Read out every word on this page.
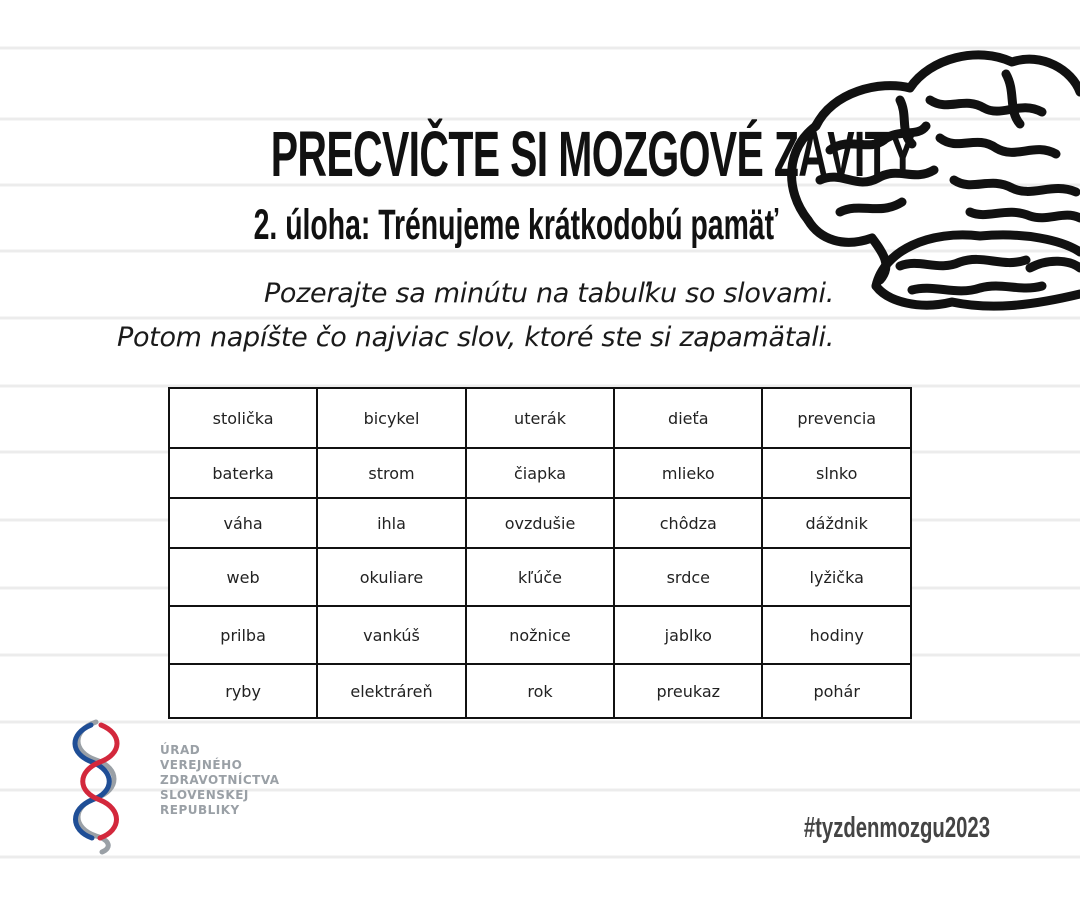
PRECVIČTE SI MOZGOVÉ ZÁVITY
2. úloha: Trénujeme krátkodobú pamäť
Pozerajte sa minútu na tabuľku so slovami.
Potom napíšte čo najviac slov, ktoré ste si zapamätali.
stolička	bicykel	uterák	dieťa	prevencia
baterka	strom	čiapka	mlieko	slnko
váha	ihla	ovzdušie	chôdza	dáždnik
web	okuliare	kľúče	srdce	lyžička
prilba	vankúš	nožnice	jablko	hodiny
ryby	elektráreň	rok	preukaz	pohár
ÚRAD
VEREJNÉHO
ZDRAVOTNÍCTVA
SLOVENSKEJ
REPUBLIKY
#tyzdenmozgu2023
